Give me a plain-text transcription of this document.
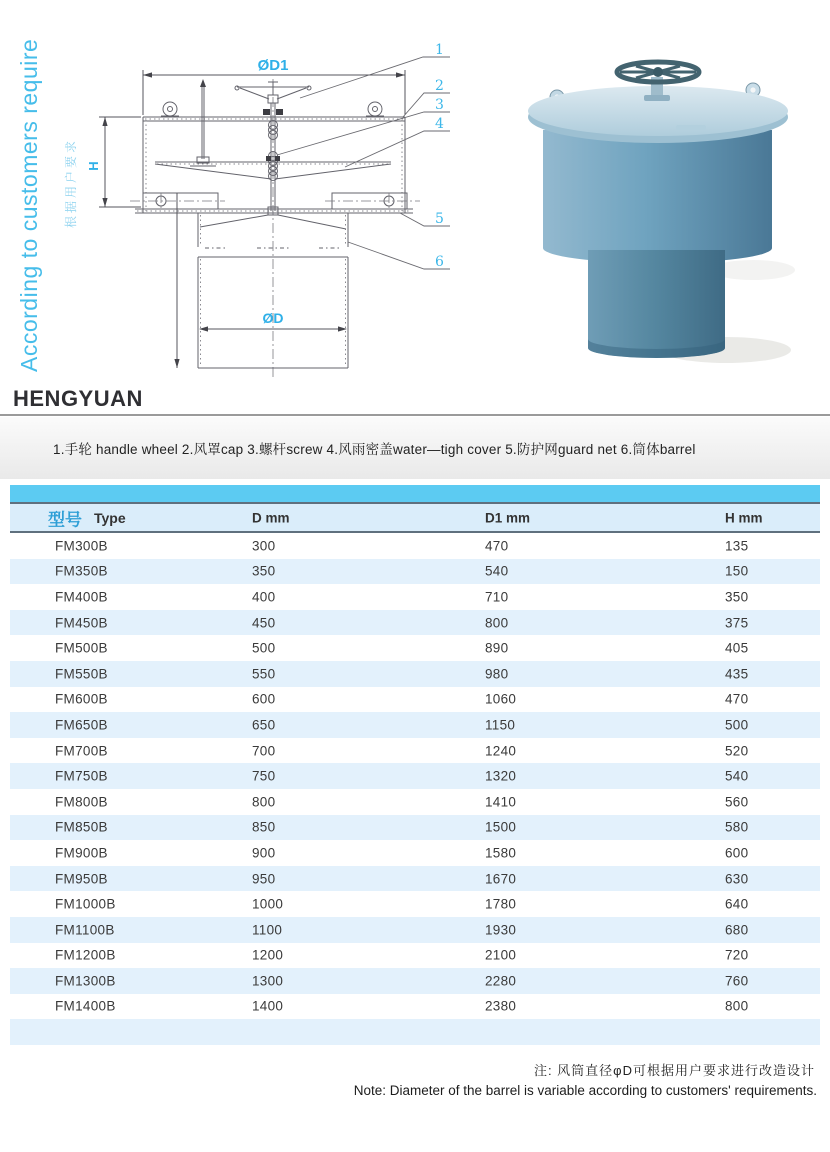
According to customers require 根据用户要求
ØD1
ØD
H
1
2
3
4
5
6
HENGYUAN
1.手轮 handle wheel 2.风罩cap 3.螺杆screw 4.风雨密盖water—tigh cover 5.防护网guard net 6.筒体barrel
型号 Type	D mm	D1 mm	H mm
FM300B	300	470	135
FM350B	350	540	150
FM400B	400	710	350
FM450B	450	800	375
FM500B	500	890	405
FM550B	550	980	435
FM600B	600	1060	470
FM650B	650	1150	500
FM700B	700	1240	520
FM750B	750	1320	540
FM800B	800	1410	560
FM850B	850	1500	580
FM900B	900	1580	600
FM950B	950	1670	630
FM1000B	1000	1780	640
FM1100B	1100	1930	680
FM1200B	1200	2100	720
FM1300B	1300	2280	760
FM1400B	1400	2380	800
注: 风筒直径φD可根据用户要求进行改造设计
Note: Diameter of the barrel is variable according to customers' requirements.
